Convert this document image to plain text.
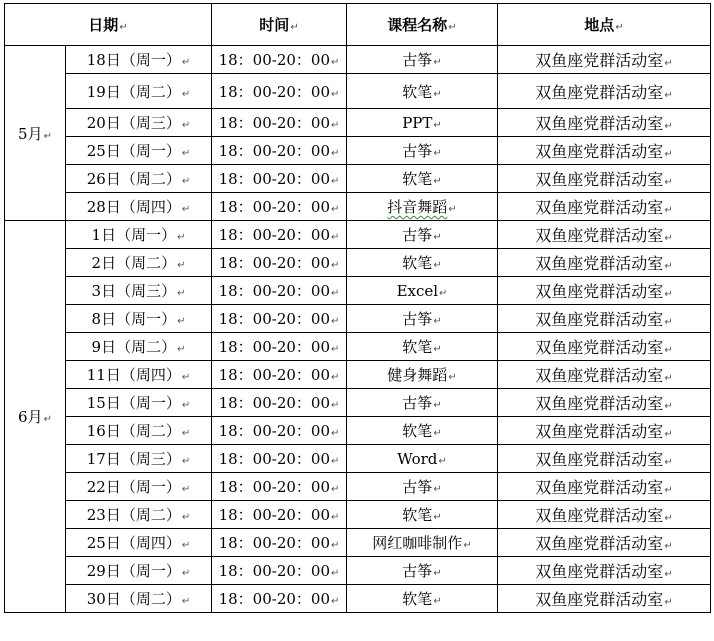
日期↵		时间↵	课程名称↵	地点↵
5月↵	18日（周一）↵	18：00-20：00↵	古筝↵	双鱼座党群活动室↵
	19日（周二）↵	18：00-20：00↵	软笔↵	双鱼座党群活动室↵
	20日（周三）↵	18：00-20：00↵	PPT↵	双鱼座党群活动室↵
	25日（周一）↵	18：00-20：00↵	古筝↵	双鱼座党群活动室↵
	26日（周二）↵	18：00-20：00↵	软笔↵	双鱼座党群活动室↵
	28日（周四）↵	18：00-20：00↵	抖音舞蹈↵	双鱼座党群活动室↵
6月↵	1日（周一）↵	18：00-20：00↵	古筝↵	双鱼座党群活动室↵
	2日（周二）↵	18：00-20：00↵	软笔↵	双鱼座党群活动室↵
	3日（周三）↵	18：00-20：00↵	Excel↵	双鱼座党群活动室↵
	8日（周一）↵	18：00-20：00↵	古筝↵	双鱼座党群活动室↵
	9日（周二）↵	18：00-20：00↵	软笔↵	双鱼座党群活动室↵
	11日（周四）↵	18：00-20：00↵	健身舞蹈↵	双鱼座党群活动室↵
	15日（周一）↵	18：00-20：00↵	古筝↵	双鱼座党群活动室↵
	16日（周二）↵	18：00-20：00↵	软笔↵	双鱼座党群活动室↵
	17日（周三）↵	18：00-20：00↵	Word↵	双鱼座党群活动室↵
	22日（周一）↵	18：00-20：00↵	古筝↵	双鱼座党群活动室↵
	23日（周二）↵	18：00-20：00↵	软笔↵	双鱼座党群活动室↵
	25日（周四）↵	18：00-20：00↵	网红咖啡制作↵	双鱼座党群活动室↵
	29日（周一）↵	18：00-20：00↵	古筝↵	双鱼座党群活动室↵
	30日（周二）↵	18：00-20：00↵	软笔↵	双鱼座党群活动室↵
